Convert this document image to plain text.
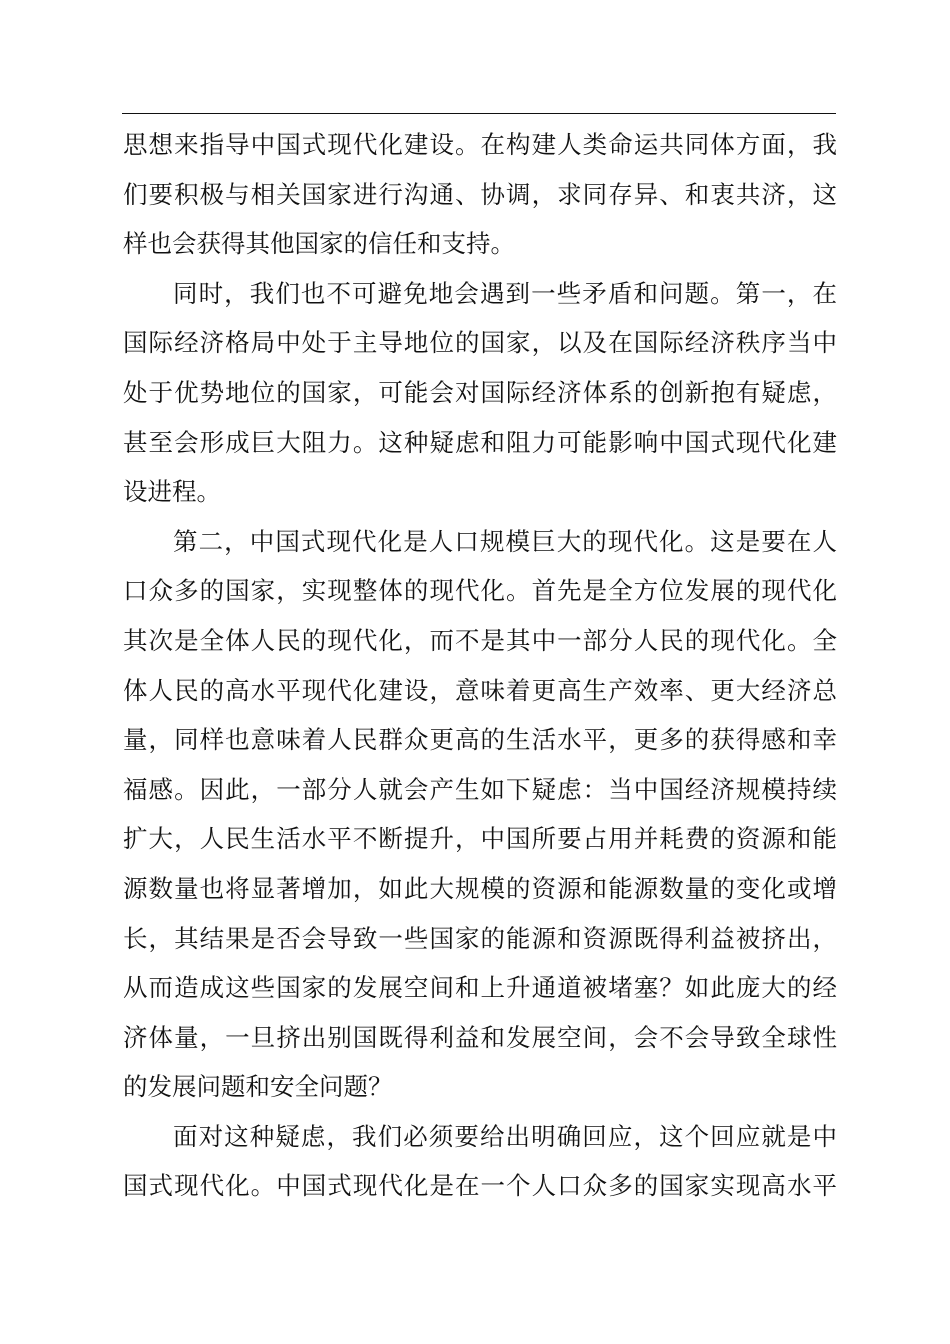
思想来指导中国式现代化建设。在构建人类命运共同体方面，我
们要积极与相关国家进行沟通、协调，求同存异、和衷共济，这
样也会获得其他国家的信任和支持。
同时，我们也不可避免地会遇到一些矛盾和问题。第一，在
国际经济格局中处于主导地位的国家，以及在国际经济秩序当中
处于优势地位的国家，可能会对国际经济体系的创新抱有疑虑，
甚至会形成巨大阻力。这种疑虑和阻力可能影响中国式现代化建
设进程。
第二，中国式现代化是人口规模巨大的现代化。这是要在人
口众多的国家，实现整体的现代化。首先是全方位发展的现代化
其次是全体人民的现代化，而不是其中一部分人民的现代化。全
体人民的高水平现代化建设，意味着更高生产效率、更大经济总
量，同样也意味着人民群众更高的生活水平，更多的获得感和幸
福感。因此，一部分人就会产生如下疑虑：当中国经济规模持续
扩大，人民生活水平不断提升，中国所要占用并耗费的资源和能
源数量也将显著增加，如此大规模的资源和能源数量的变化或增
长，其结果是否会导致一些国家的能源和资源既得利益被挤出，
从而造成这些国家的发展空间和上升通道被堵塞？如此庞大的经
济体量，一旦挤出别国既得利益和发展空间，会不会导致全球性
的发展问题和安全问题？
面对这种疑虑，我们必须要给出明确回应，这个回应就是中
国式现代化。中国式现代化是在一个人口众多的国家实现高水平
